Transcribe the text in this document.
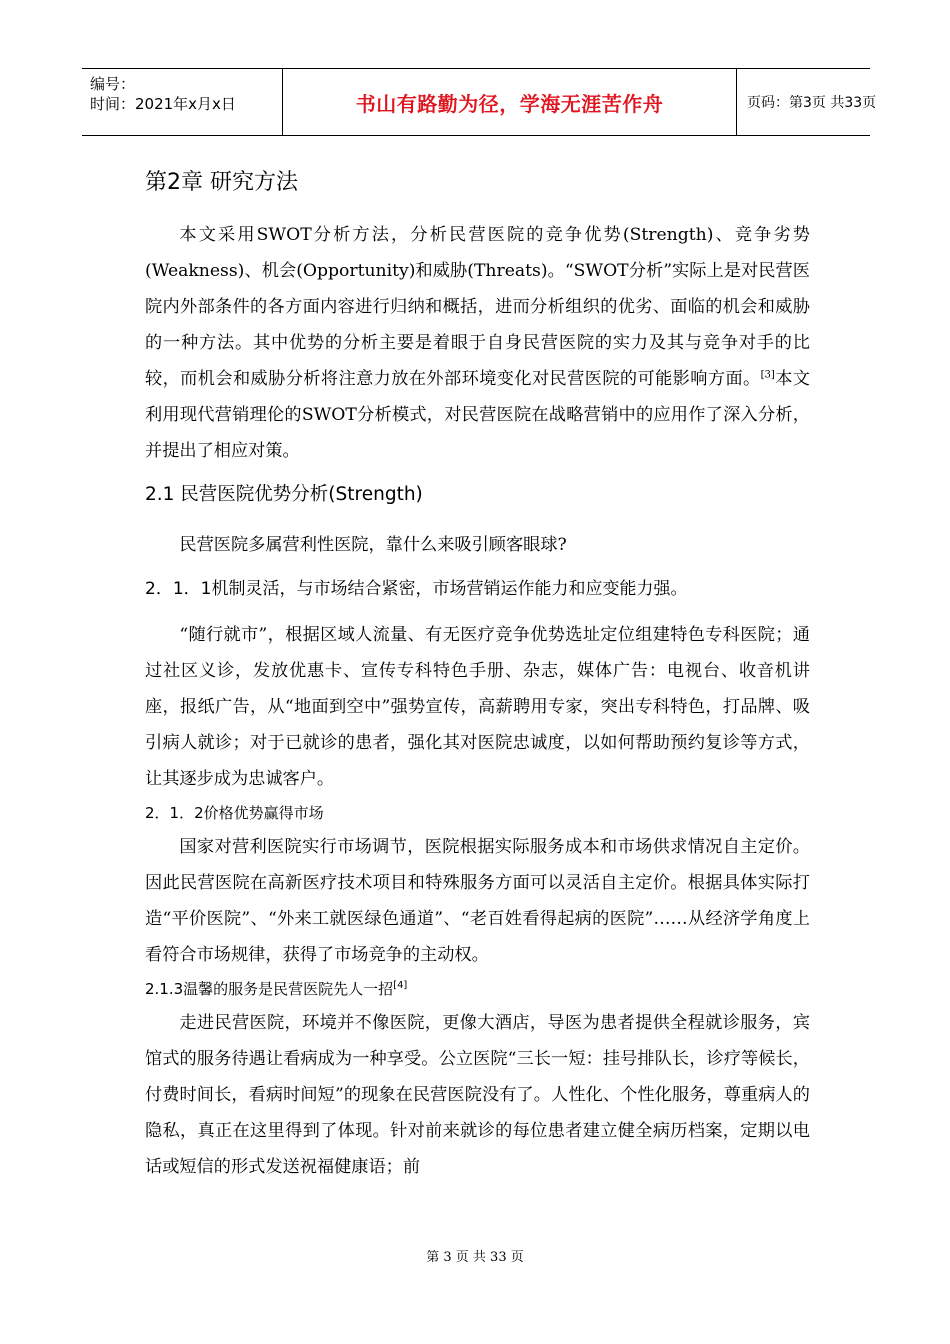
编号：
时间：2021年x月x日	书山有路勤为径，学海无涯苦作舟	页码：第3页 共33页
第2章 研究方法

本文采用SWOT分析方法，分析民营医院的竞争优势(Strength)、竞争劣势(Weakness)、机会(Opportunity)和威胁(Threats)。“SWOT分析”实际上是对民营医院内外部条件的各方面内容进行归纳和概括，进而分析组织的优劣、面临的机会和威胁的一种方法。其中优势的分析主要是着眼于自身民营医院的实力及其与竞争对手的比较，而机会和威胁分析将注意力放在外部环境变化对民营医院的可能影响方面。[3]本文利用现代营销理伦的SWOT分析模式，对民营医院在战略营销中的应用作了深入分析，并提出了相应对策。

2.1 民营医院优势分析(Strength)

民营医院多属营利性医院，靠什么来吸引顾客眼球?

2．1．1机制灵活，与市场结合紧密，市场营销运作能力和应变能力强。

“随行就市”，根据区域人流量、有无医疗竞争优势选址定位组建特色专科医院；通过社区义诊，发放优惠卡、宣传专科特色手册、杂志，媒体广告：电视台、收音机讲座，报纸广告，从“地面到空中”强势宣传，高薪聘用专家，突出专科特色，打品牌、吸引病人就诊；对于已就诊的患者，强化其对医院忠诚度，以如何帮助预约复诊等方式，让其逐步成为忠诚客户。

2．1．2价格优势赢得市场

国家对营利医院实行市场调节，医院根据实际服务成本和市场供求情况自主定价。因此民营医院在高新医疗技术项目和特殊服务方面可以灵活自主定价。根据具体实际打造“平价医院”、“外来工就医绿色通道”、“老百姓看得起病的医院”……从经济学角度上看符合市场规律，获得了市场竞争的主动权。

2.1.3温馨的服务是民营医院先人一招[4]

走进民营医院，环境并不像医院，更像大酒店，导医为患者提供全程就诊服务，宾馆式的服务待遇让看病成为一种享受。公立医院“三长一短：挂号排队长，诊疗等候长，付费时间长，看病时间短”的现象在民营医院没有了。人性化、个性化服务，尊重病人的隐私，真正在这里得到了体现。针对前来就诊的每位患者建立健全病历档案，定期以电话或短信的形式发送祝福健康语；前

第 3 页 共 33 页
